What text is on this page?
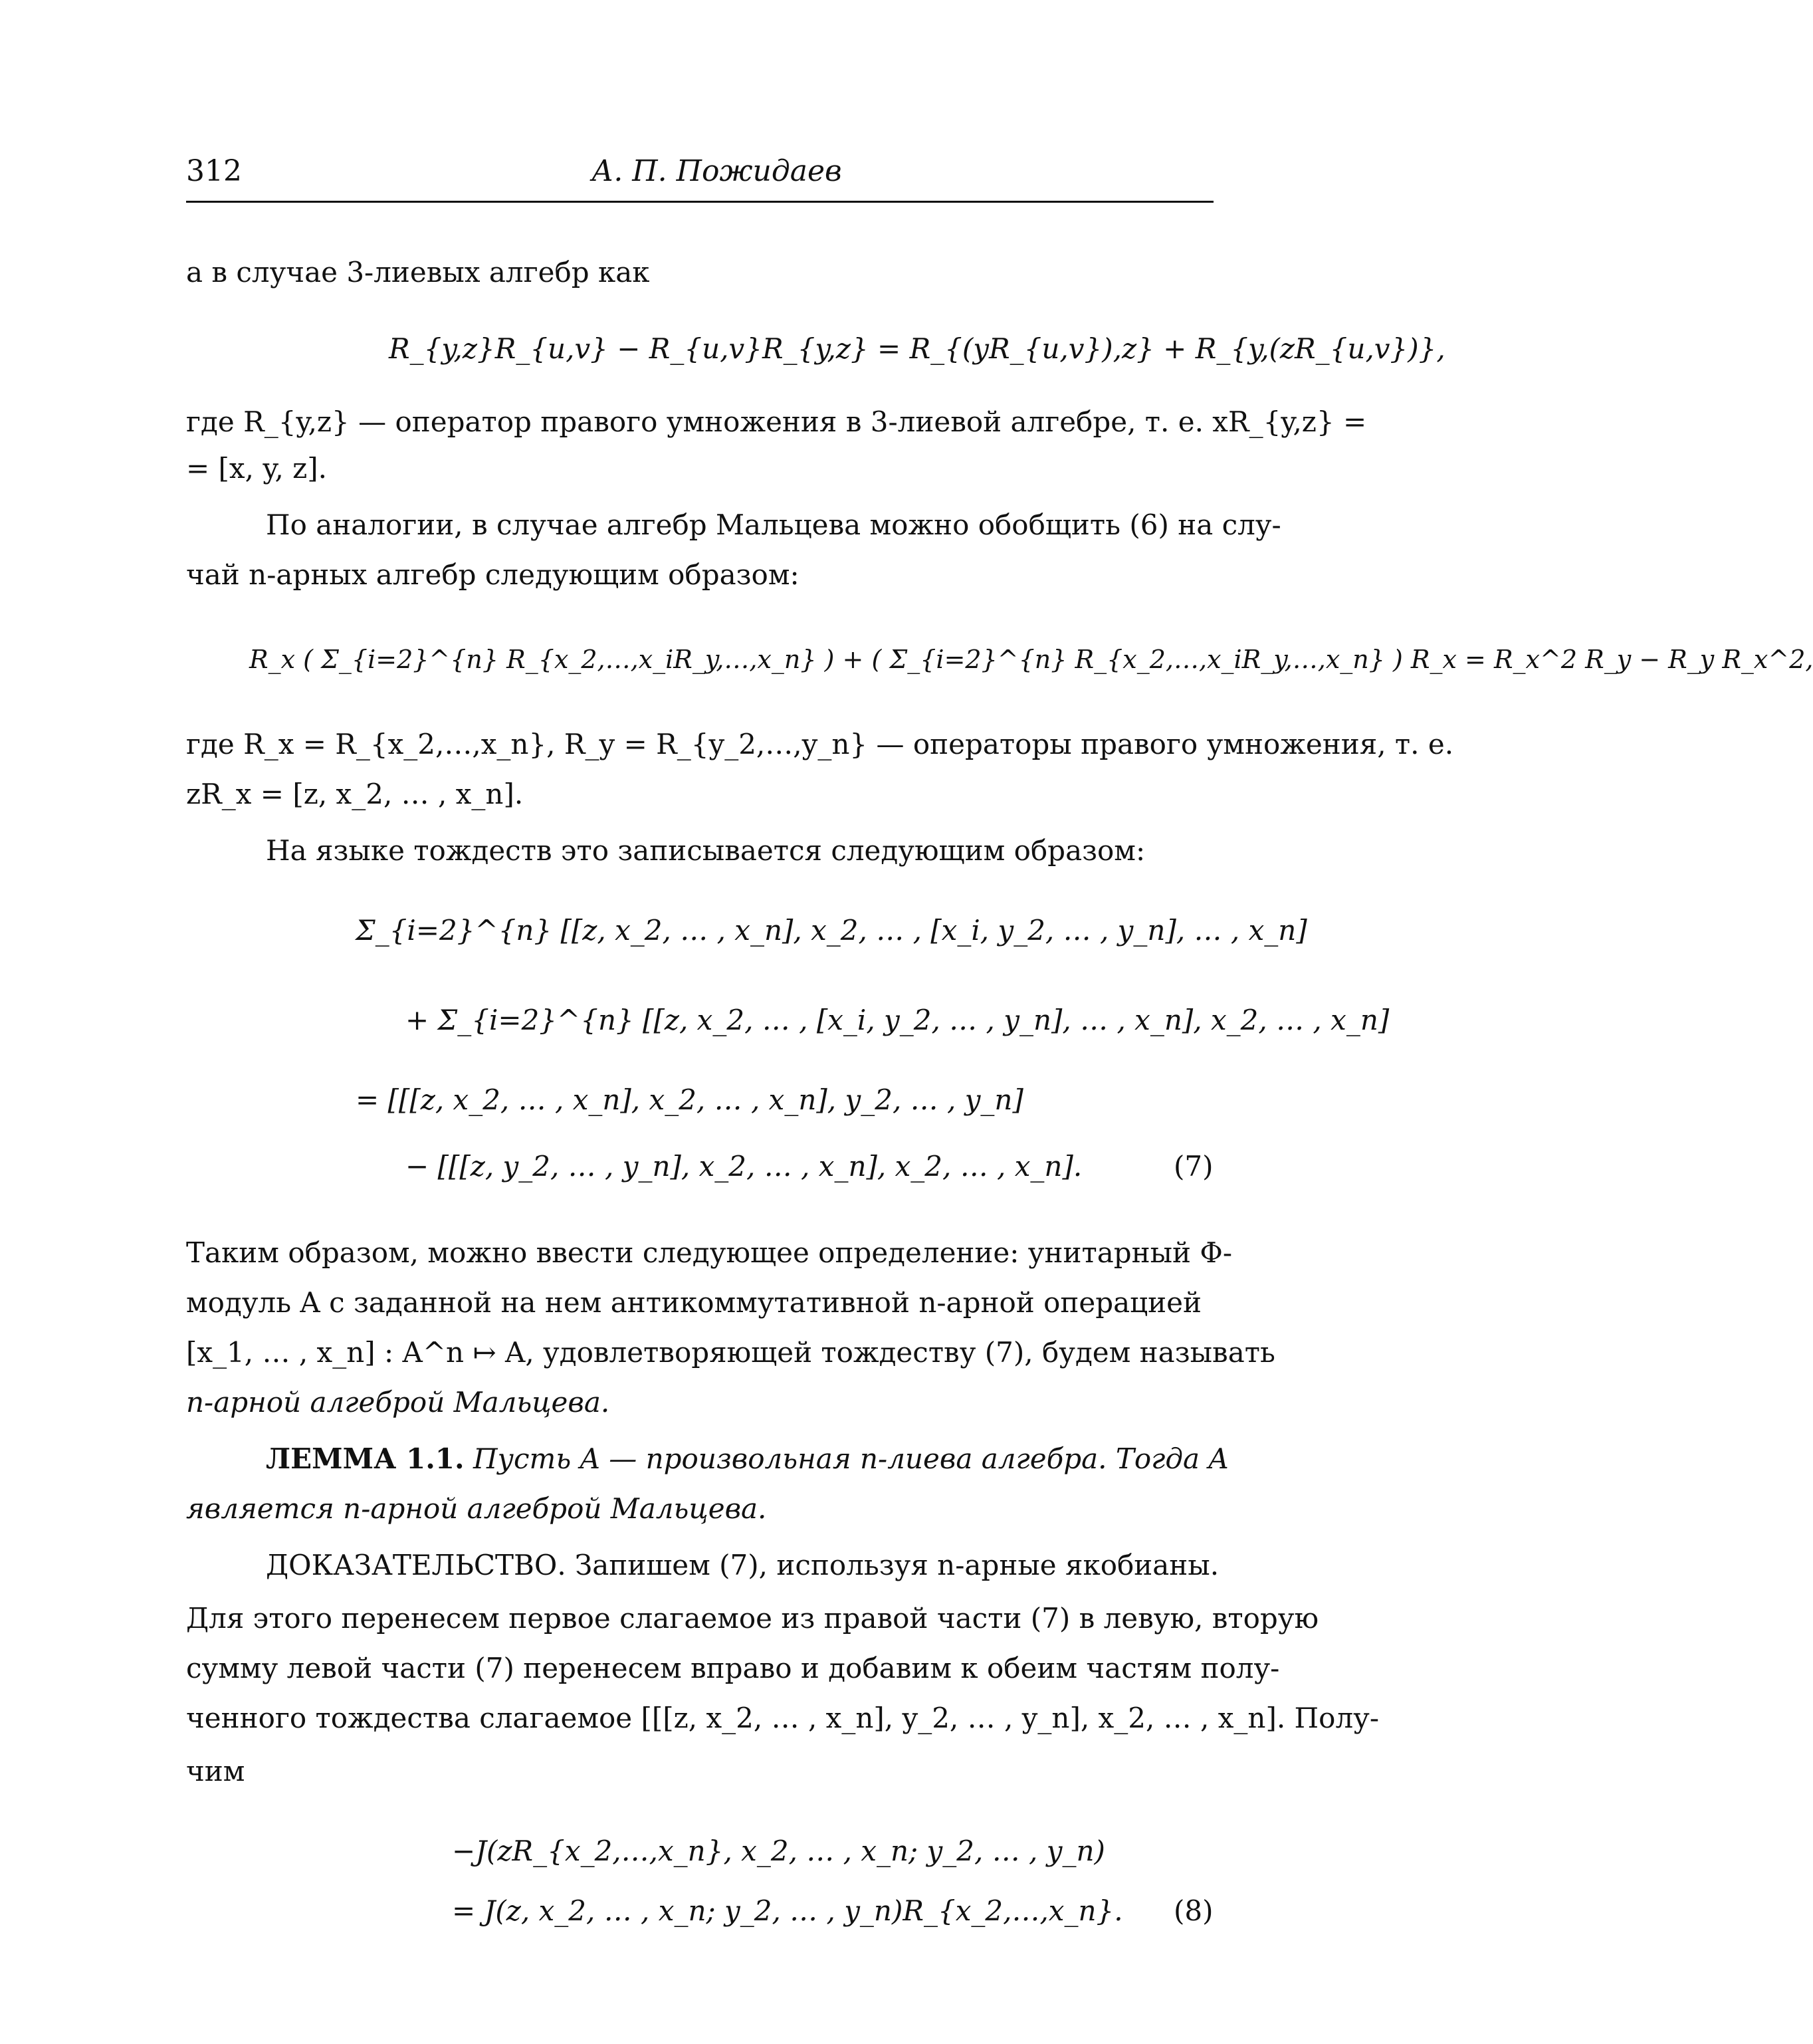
312	А. П. Пожидаев
а в случае 3-лиевых алгебр как
R_{y,z}R_{u,v} − R_{u,v}R_{y,z} = R_{(yR_{u,v}),z} + R_{y,(zR_{u,v})},
где R_{y,z} — оператор правого умножения в 3-лиевой алгебре, т. е. xR_{y,z} =
= [x, y, z].
По аналогии, в случае алгебр Мальцева можно обобщить (6) на слу-
чай n-арных алгебр следующим образом:
R_x ( Σ_{i=2}^{n} R_{x_2,…,x_iR_y,…,x_n} ) + ( Σ_{i=2}^{n} R_{x_2,…,x_iR_y,…,x_n} ) R_x = R_x^2 R_y − R_y R_x^2,
где R_x = R_{x_2,…,x_n}, R_y = R_{y_2,…,y_n} — операторы правого умножения, т. е.
zR_x = [z, x_2, … , x_n].
На языке тождеств это записывается следующим образом:
Σ_{i=2}^{n} [[z, x_2, … , x_n], x_2, … , [x_i, y_2, … , y_n], … , x_n]
+ Σ_{i=2}^{n} [[z, x_2, … , [x_i, y_2, … , y_n], … , x_n], x_2, … , x_n]
= [[[z, x_2, … , x_n], x_2, … , x_n], y_2, … , y_n]
− [[[z, y_2, … , y_n], x_2, … , x_n], x_2, … , x_n].	(7)
Таким образом, можно ввести следующее определение: унитарный Φ-
модуль A с заданной на нем антикоммутативной n-арной операцией
[x_1, … , x_n] : A^n ↦ A, удовлетворяющей тождеству (7), будем называть
n-арной алгеброй Мальцева.
ЛЕММА 1.1. Пусть A — произвольная n-лиева алгебра. Тогда A
является n-арной алгеброй Мальцева.
ДОКАЗАТЕЛЬСТВО. Запишем (7), используя n-арные якобианы.
Для этого перенесем первое слагаемое из правой части (7) в левую, вторую
сумму левой части (7) перенесем вправо и добавим к обеим частям полу-
ченного тождества слагаемое [[[z, x_2, … , x_n], y_2, … , y_n], x_2, … , x_n]. Полу-
чим
−J(zR_{x_2,…,x_n}, x_2, … , x_n; y_2, … , y_n)
= J(z, x_2, … , x_n; y_2, … , y_n)R_{x_2,…,x_n}. (8)
